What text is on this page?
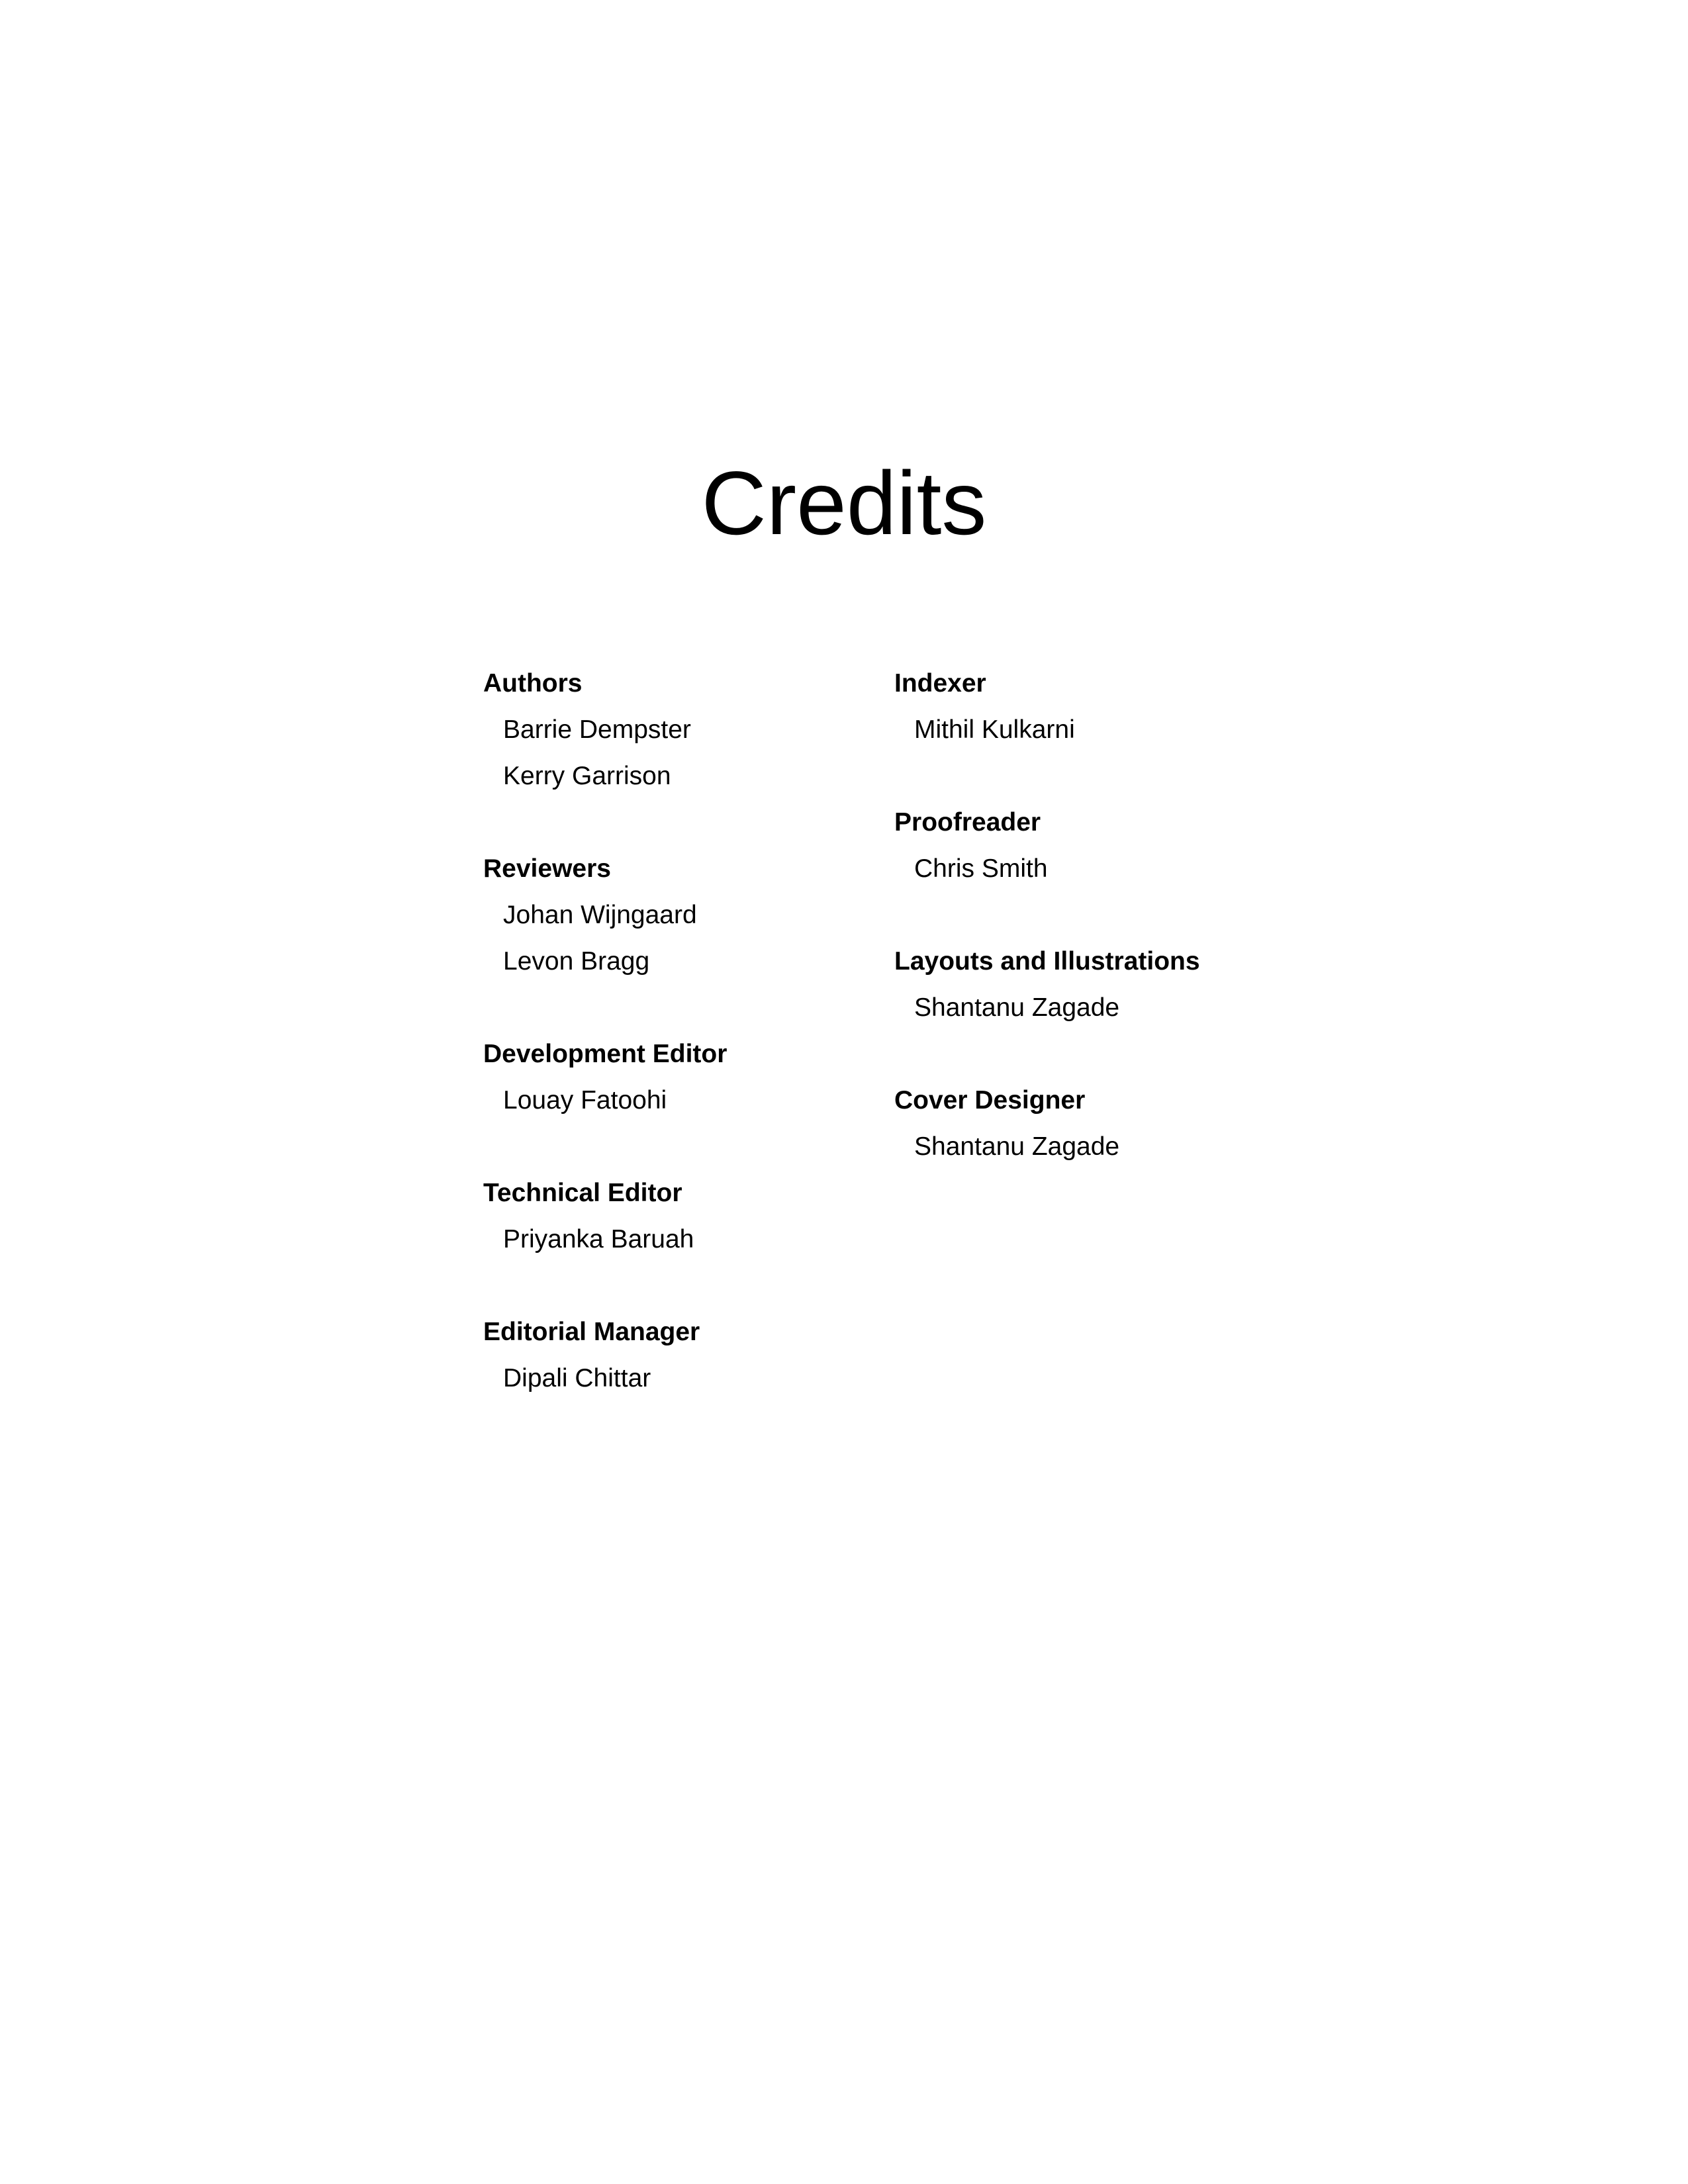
Credits

Authors

Barrie Dempster

Kerry Garrison

Reviewers

Johan Wijngaard

Levon Bragg

Development Editor

Louay Fatoohi

Technical Editor

Priyanka Baruah

Editorial Manager

Dipali Chittar

Indexer

Mithil Kulkarni

Proofreader

Chris Smith

Layouts and Illustrations

Shantanu Zagade

Cover Designer

Shantanu Zagade
